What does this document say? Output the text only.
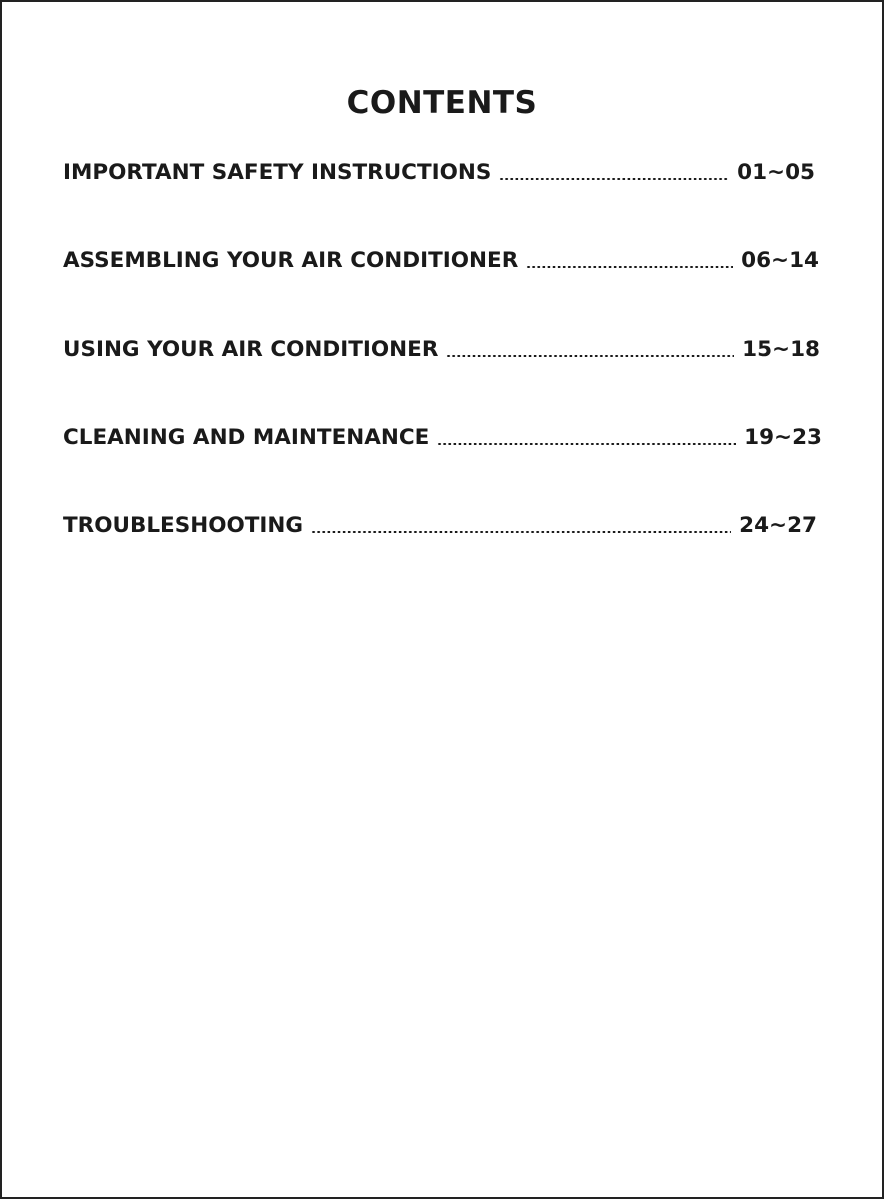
CONTENTS
IMPORTANT SAFETY INSTRUCTIONS	01~05
ASSEMBLING YOUR AIR CONDITIONER	06~14
USING YOUR AIR CONDITIONER	15~18
CLEANING AND MAINTENANCE	19~23
TROUBLESHOOTING	24~27
